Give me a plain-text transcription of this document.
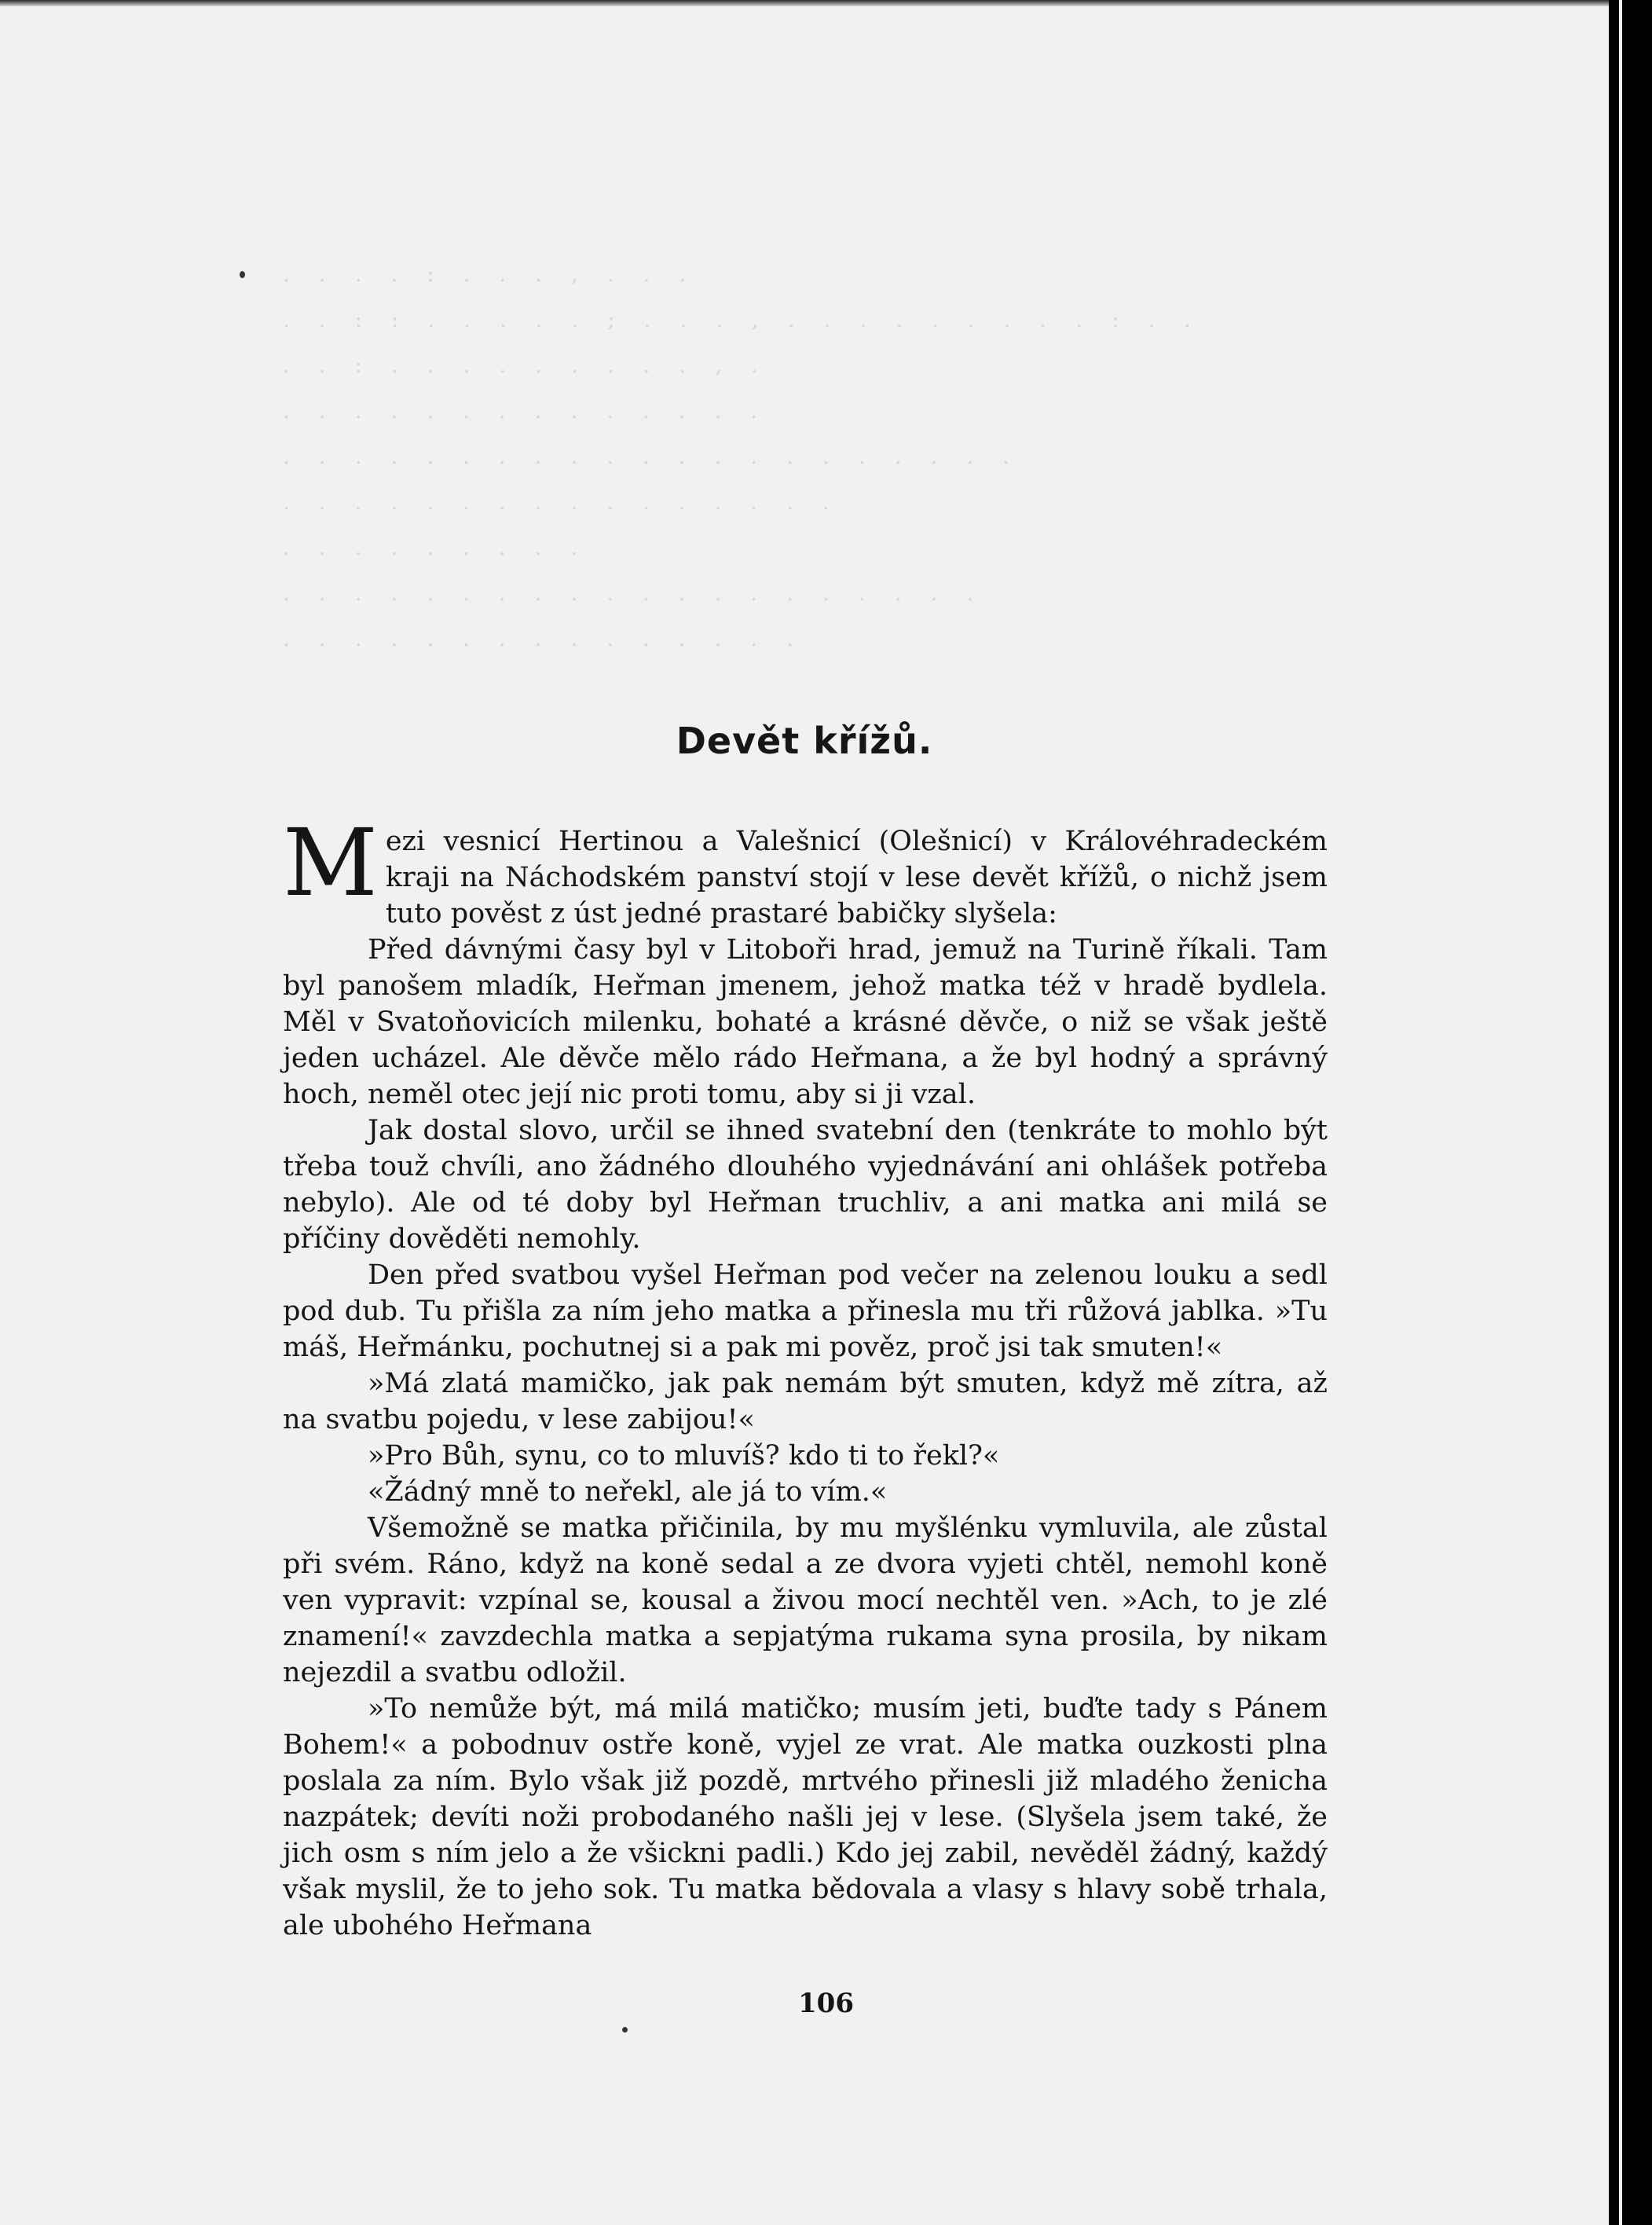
. . . . : . . . , . . .
. . : : . . . . . ; . . . , . . . . . . . . . : . .
. . : . . . . . . . . . , .
. . . . . . . . . . . . . .
. . . . . . . . . . . . . . . . . . . . .
. . . . . . . . . . . . . . . .
. . . . . . . . .
. . . . . . . . . . . . . . . . . . . .
. . . . . . . . . . . . . . .
Devět křížů.

Mezi vesnicí Hertinou a Valešnicí (Olešnicí) v Královéhradeckém kraji na Náchodském panství stojí v lese devět křížů, o nichž jsem tuto pověst z úst jedné prastaré babičky slyšela:

Před dávnými časy byl v Litoboři hrad, jemuž na Turině říkali. Tam byl panošem mladík, Heřman jmenem, jehož matka též v hradě bydlela. Měl v Svatoňovicích milenku, bohaté a krásné děvče, o niž se však ještě jeden ucházel. Ale děvče mělo rádo Heřmana, a že byl hodný a správný hoch, neměl otec její nic proti tomu, aby si ji vzal.

Jak dostal slovo, určil se ihned svatební den (tenkráte to mohlo být třeba touž chvíli, ano žádného dlouhého vyjednávání ani ohlášek potřeba nebylo). Ale od té doby byl Heřman truchliv, a ani matka ani milá se příčiny dověděti nemohly.

Den před svatbou vyšel Heřman pod večer na zelenou louku a sedl pod dub. Tu přišla za ním jeho matka a přinesla mu tři růžová jablka. »Tu máš, Heřmánku, pochutnej si a pak mi pověz, proč jsi tak smuten!«

»Má zlatá mamičko, jak pak nemám být smuten, když mě zítra, až na svatbu pojedu, v lese zabijou!«

»Pro Bůh, synu, co to mluvíš? kdo ti to řekl?«

«Žádný mně to neřekl, ale já to vím.«

Všemožně se matka přičinila, by mu myšlénku vymluvila, ale zůstal při svém. Ráno, když na koně sedal a ze dvora vyjeti chtěl, nemohl koně ven vypravit: vzpínal se, kousal a živou mocí nechtěl ven. »Ach, to je zlé znamení!« zavzdechla matka a sepjatýma rukama syna prosila, by nikam nejezdil a svatbu odložil.

»To nemůže být, má milá matičko; musím jeti, buďte tady s Pánem Bohem!« a pobodnuv ostře koně, vyjel ze vrat. Ale matka ouzkosti plna poslala za ním. Bylo však již pozdě, mrtvého přinesli již mladého ženicha nazpátek; devíti noži probodaného našli jej v lese. (Slyšela jsem také, že jich osm s ním jelo a že všickni padli.) Kdo jej zabil, nevěděl žádný, každý však myslil, že to jeho sok. Tu matka bědovala a vlasy s hlavy sobě trhala, ale ubohého Heřmana

106
